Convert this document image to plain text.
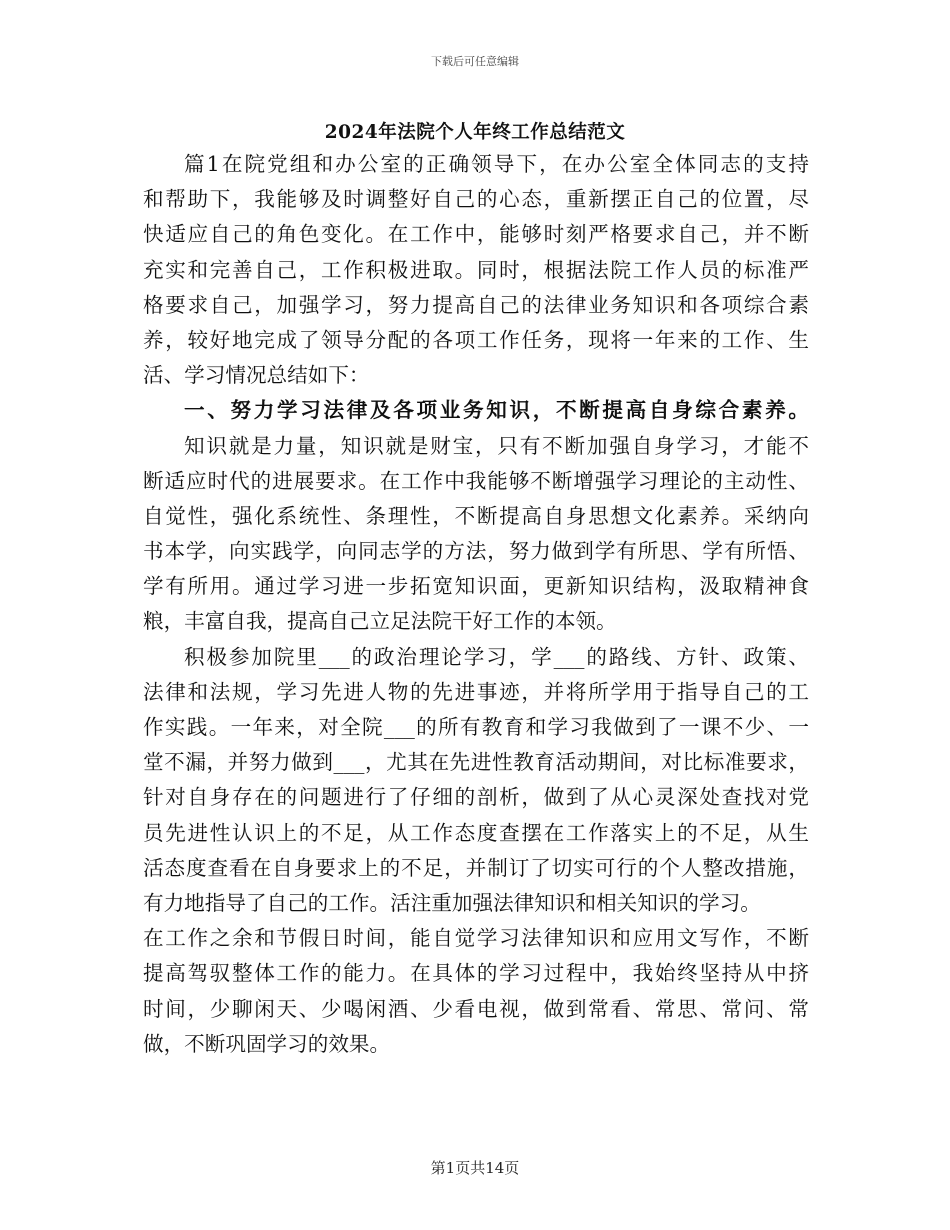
下载后可任意编辑
2024年法院个人年终工作总结范文
篇1在院党组和办公室的正确领导下，在办公室全体同志的支持
和帮助下，我能够及时调整好自己的心态，重新摆正自己的位置，尽
快适应自己的角色变化。在工作中，能够时刻严格要求自己，并不断
充实和完善自己，工作积极进取。同时，根据法院工作人员的标准严
格要求自己，加强学习，努力提高自己的法律业务知识和各项综合素
养，较好地完成了领导分配的各项工作任务，现将一年来的工作、生
活、学习情况总结如下：
一、努力学习法律及各项业务知识，不断提高自身综合素养。
知识就是力量，知识就是财宝，只有不断加强自身学习，才能不
断适应时代的进展要求。在工作中我能够不断增强学习理论的主动性、
自觉性，强化系统性、条理性，不断提高自身思想文化素养。采纳向
书本学，向实践学，向同志学的方法，努力做到学有所思、学有所悟、
学有所用。通过学习进一步拓宽知识面，更新知识结构，汲取精神食
粮，丰富自我，提高自己立足法院干好工作的本领。
积极参加院里___的政治理论学习，学___的路线、方针、政策、
法律和法规，学习先进人物的先进事迹，并将所学用于指导自己的工
作实践。一年来，对全院___的所有教育和学习我做到了一课不少、一
堂不漏，并努力做到___，尤其在先进性教育活动期间，对比标准要求，
针对自身存在的问题进行了仔细的剖析，做到了从心灵深处查找对党
员先进性认识上的不足，从工作态度查摆在工作落实上的不足，从生
活态度查看在自身要求上的不足，并制订了切实可行的个人整改措施，
有力地指导了自己的工作。活注重加强法律知识和相关知识的学习。
在工作之余和节假日时间，能自觉学习法律知识和应用文写作，不断
提高驾驭整体工作的能力。在具体的学习过程中，我始终坚持从中挤
时间，少聊闲天、少喝闲酒、少看电视，做到常看、常思、常问、常
做，不断巩固学习的效果。
第1页共14页
